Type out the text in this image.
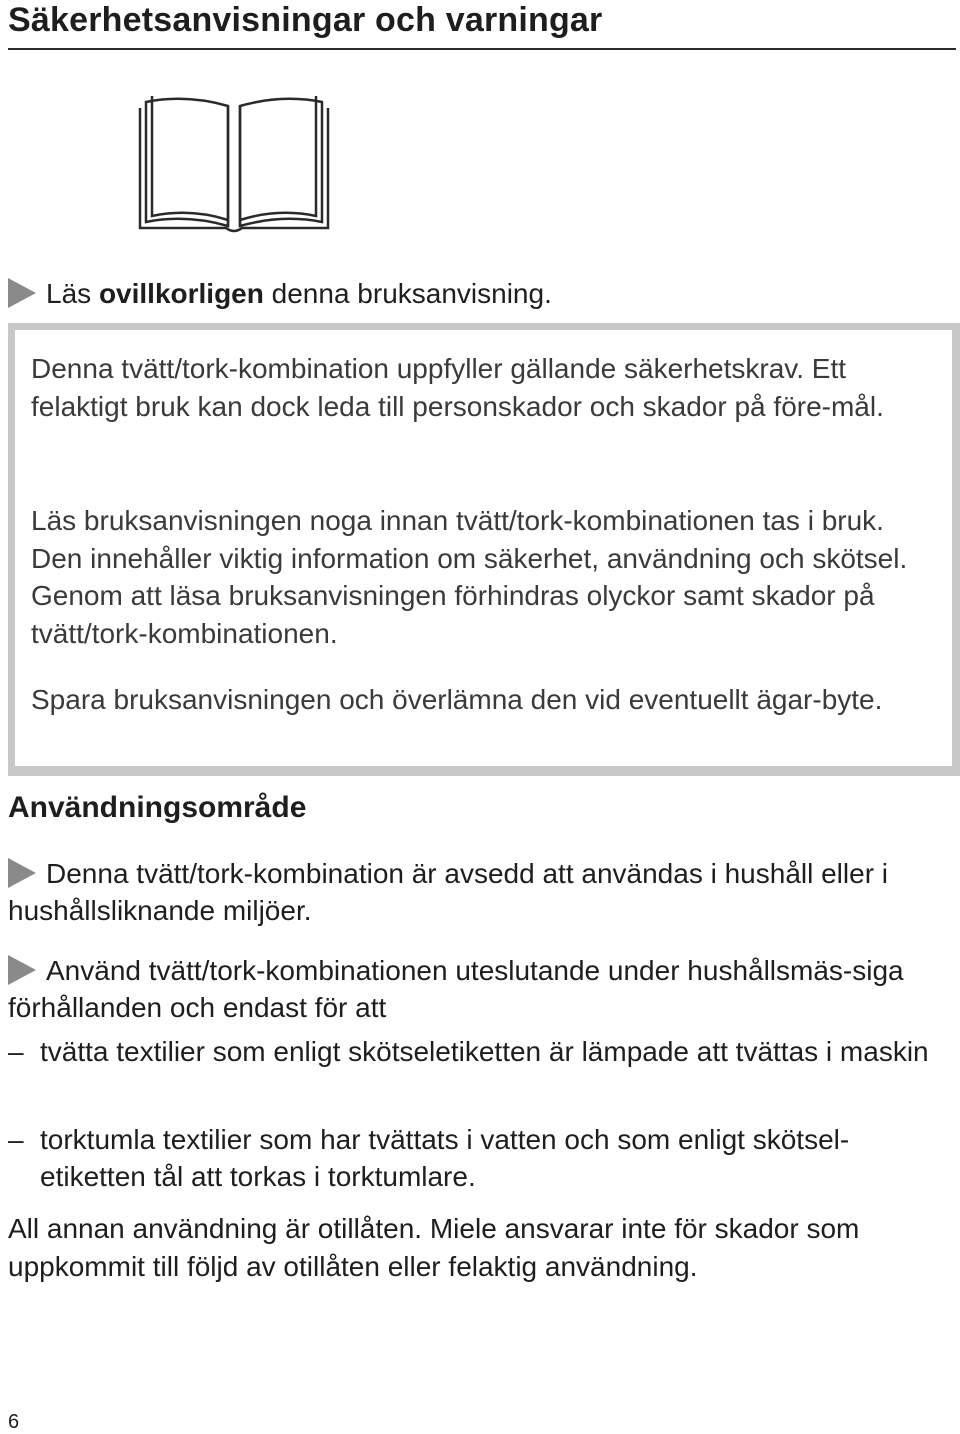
Säkerhetsanvisningar och varningar

Läs ovillkorligen denna bruksanvisning.

Denna tvätt/tork-kombination uppfyller gällande säkerhetskrav. Ett felaktigt bruk kan dock leda till personskador och skador på före-mål.

Läs bruksanvisningen noga innan tvätt/tork-kombinationen tas i bruk. Den innehåller viktig information om säkerhet, användning och skötsel. Genom att läsa bruksanvisningen förhindras olyckor samt skador på tvätt/tork-kombinationen.

Spara bruksanvisningen och överlämna den vid eventuellt ägar-byte.

Användningsområde

Denna tvätt/tork-kombination är avsedd att användas i hushåll eller i hushållsliknande miljöer.

Använd tvätt/tork-kombinationen uteslutande under hushållsmäs-siga förhållanden och endast för att

– tvätta textilier som enligt skötseletiketten är lämpade att tvättas i maskin
– torktumla textilier som har tvättats i vatten och som enligt skötsel-etiketten tål att torkas i torktumlare.

All annan användning är otillåten. Miele ansvarar inte för skador som uppkommit till följd av otillåten eller felaktig användning.

6
